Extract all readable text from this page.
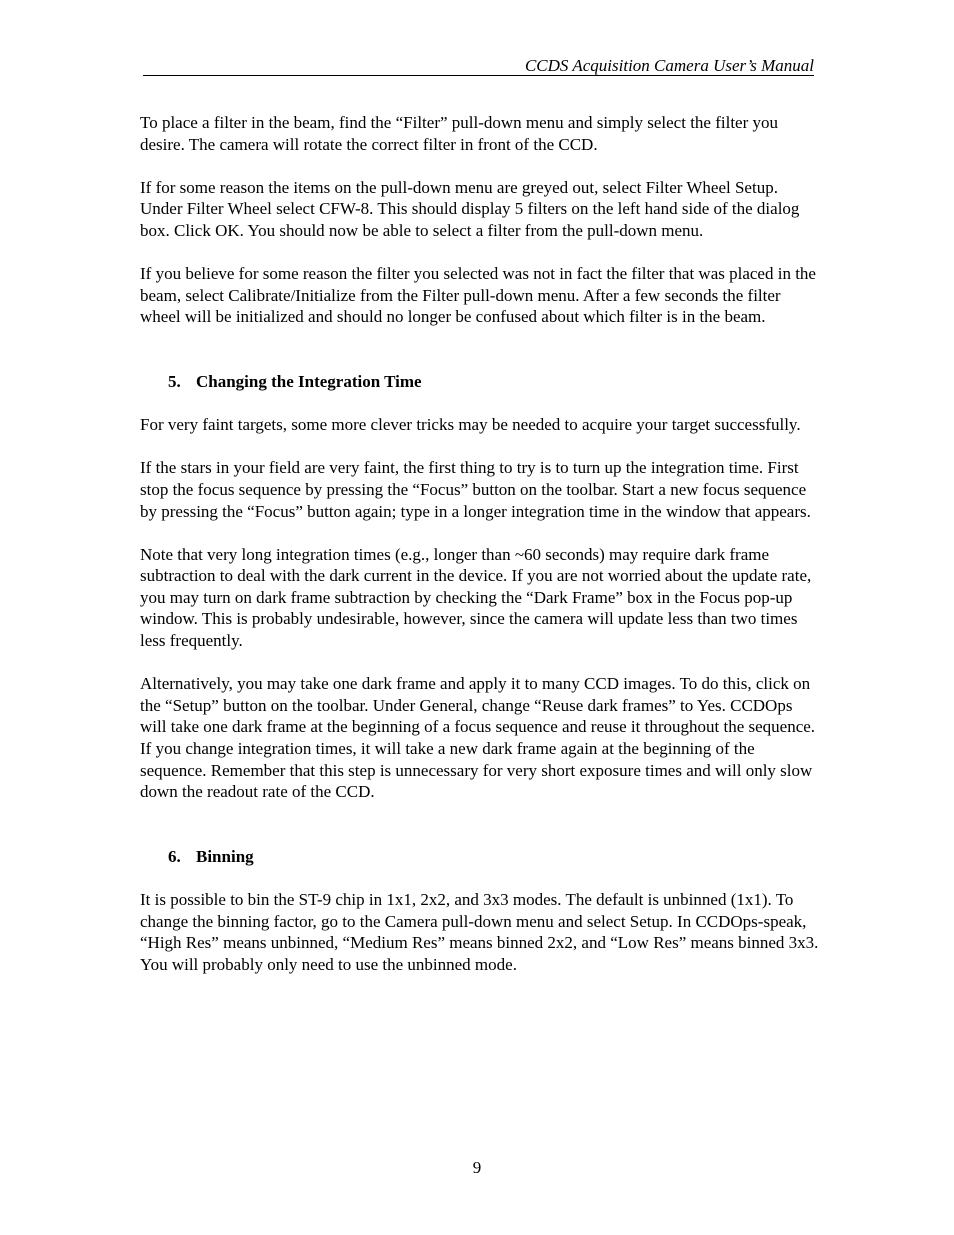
CCDS Acquisition Camera User’s Manual

To place a filter in the beam, find the “Filter” pull-down menu and simply select the filter you desire. The camera will rotate the correct filter in front of the CCD.

If for some reason the items on the pull-down menu are greyed out, select Filter Wheel Setup. Under Filter Wheel select CFW-8. This should display 5 filters on the left hand side of the dialog box. Click OK. You should now be able to select a filter from the pull-down menu.

If you believe for some reason the filter you selected was not in fact the filter that was placed in the beam, select Calibrate/Initialize from the Filter pull-down menu. After a few seconds the filter wheel will be initialized and should no longer be confused about which filter is in the beam.

5. Changing the Integration Time

For very faint targets, some more clever tricks may be needed to acquire your target successfully.

If the stars in your field are very faint, the first thing to try is to turn up the integration time. First stop the focus sequence by pressing the “Focus” button on the toolbar. Start a new focus sequence by pressing the “Focus” button again; type in a longer integration time in the window that appears.

Note that very long integration times (e.g., longer than ~60 seconds) may require dark frame subtraction to deal with the dark current in the device. If you are not worried about the update rate, you may turn on dark frame subtraction by checking the “Dark Frame” box in the Focus pop-up window. This is probably undesirable, however, since the camera will update less than two times less frequently.

Alternatively, you may take one dark frame and apply it to many CCD images. To do this, click on the “Setup” button on the toolbar. Under General, change “Reuse dark frames” to Yes. CCDOps will take one dark frame at the beginning of a focus sequence and reuse it throughout the sequence. If you change integration times, it will take a new dark frame again at the beginning of the sequence. Remember that this step is unnecessary for very short exposure times and will only slow down the readout rate of the CCD.

6. Binning

It is possible to bin the ST-9 chip in 1x1, 2x2, and 3x3 modes. The default is unbinned (1x1). To change the binning factor, go to the Camera pull-down menu and select Setup. In CCDOps-speak, “High Res” means unbinned, “Medium Res” means binned 2x2, and “Low Res” means binned 3x3. You will probably only need to use the unbinned mode.

9
